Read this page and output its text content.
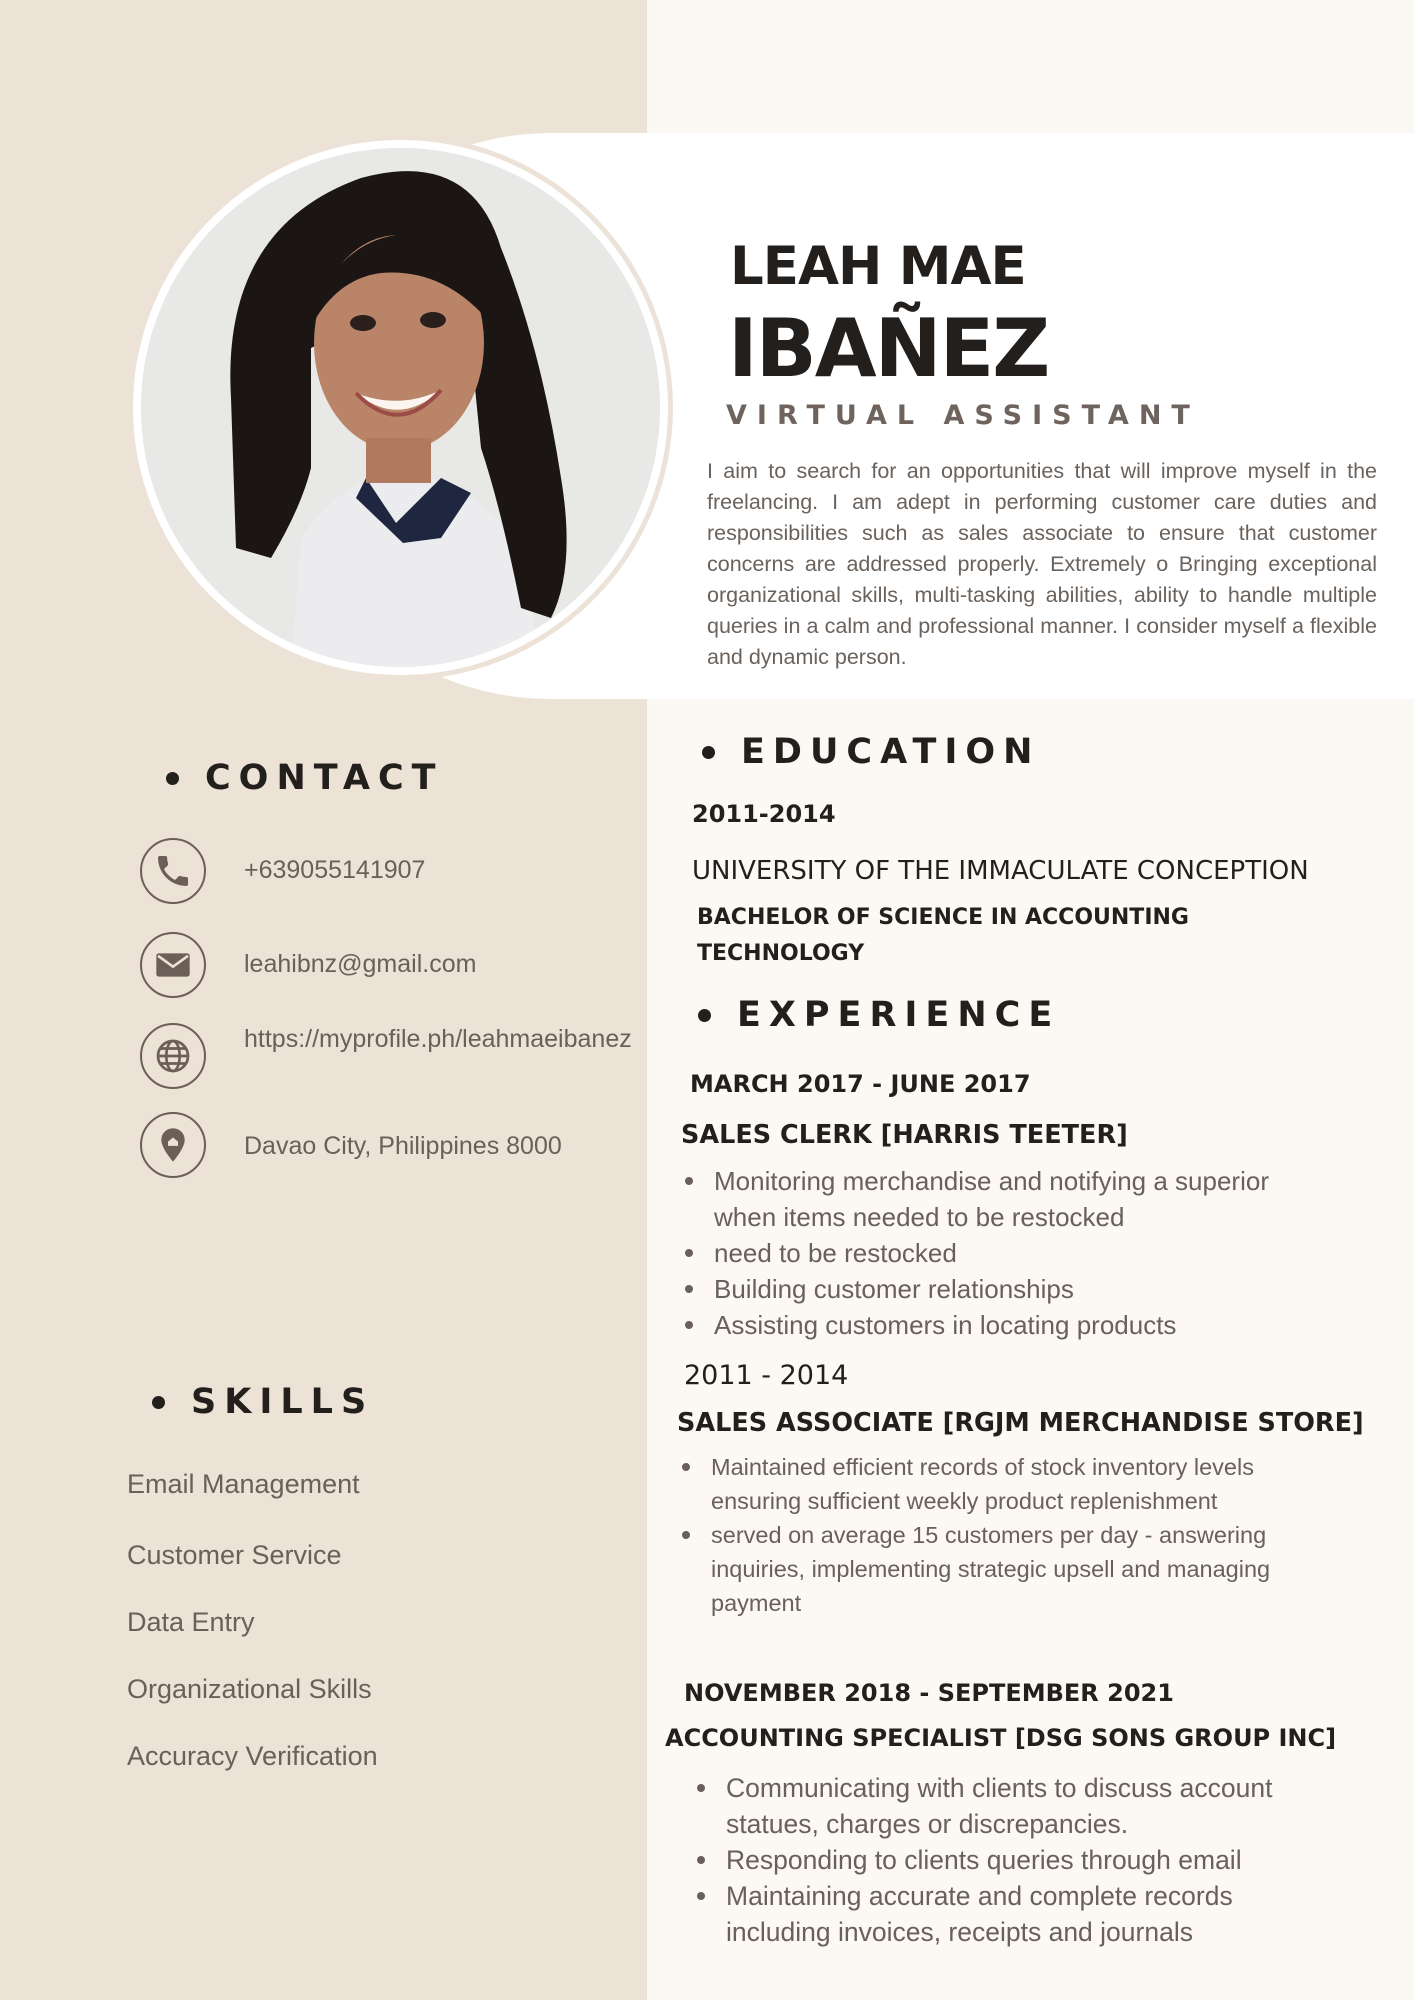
LEAH MAE
IBAÑEZ
VIRTUAL ASSISTANT
I aim to search for an opportunities that will improve myself in the freelancing. I am adept in performing customer care duties and responsibilities such as sales associate to ensure that customer concerns are addressed properly. Extremely o Bringing exceptional organizational skills, multi-tasking abilities, ability to handle multiple queries in a calm and professional manner. I consider myself a flexible and dynamic person.
CONTACT
+639055141907
leahibnz@gmail.com
https://myprofile.ph/leahmaeibanez
Davao City, Philippines 8000
SKILLS
Email Management
Customer Service
Data Entry
Organizational Skills
Accuracy Verification
EDUCATION
2011-2014
UNIVERSITY OF THE IMMACULATE CONCEPTION
BACHELOR OF SCIENCE IN ACCOUNTING TECHNOLOGY
EXPERIENCE
MARCH 2017 - JUNE 2017
SALES CLERK [HARRIS TEETER]
Monitoring merchandise and notifying a superior when items needed to be restocked
need to be restocked
Building customer relationships
Assisting customers in locating products
2011 - 2014
SALES ASSOCIATE [RGJM MERCHANDISE STORE]
Maintained efficient records of stock inventory levels ensuring sufficient weekly product replenishment
served on average 15 customers per day - answering inquiries, implementing strategic upsell and managing payment
NOVEMBER 2018 - SEPTEMBER 2021
ACCOUNTING SPECIALIST [DSG SONS GROUP INC]
Communicating with clients to discuss account statues, charges or discrepancies.
Responding to clients queries through email
Maintaining accurate and complete records including invoices, receipts and journals
